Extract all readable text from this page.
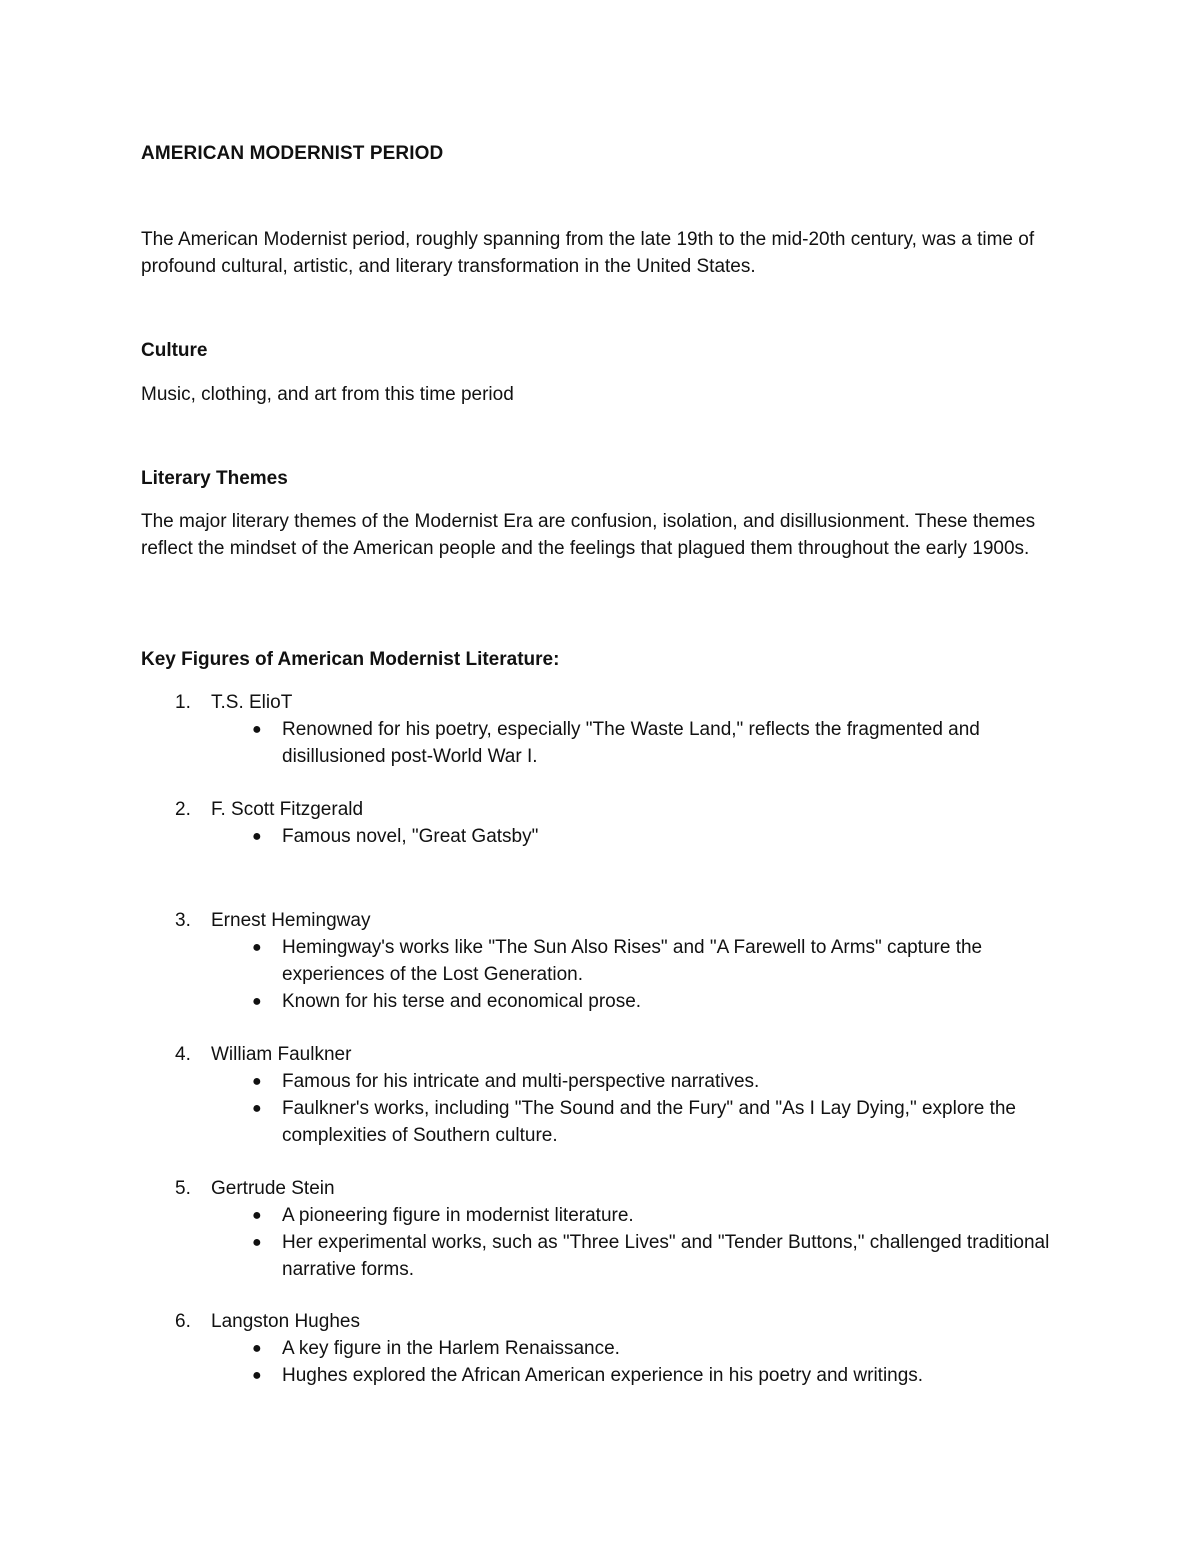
AMERICAN MODERNIST PERIOD

The American Modernist period, roughly spanning from the late 19th to the mid-20th century, was a time of profound cultural, artistic, and literary transformation in the United States.

Culture

Music, clothing, and art from this time period

Literary Themes

The major literary themes of the Modernist Era are confusion, isolation, and disillusionment. These themes reflect the mindset of the American people and the feelings that plagued them throughout the early 1900s.

Key Figures of American Modernist Literature:
1. T.S. ElioT
● Renowned for his poetry, especially "The Waste Land," reflects the fragmented and disillusioned post-World War I.
2. F. Scott Fitzgerald
● Famous novel, "Great Gatsby"
3. Ernest Hemingway
● Hemingway's works like "The Sun Also Rises" and "A Farewell to Arms" capture the experiences of the Lost Generation.
● Known for his terse and economical prose.
4. William Faulkner
● Famous for his intricate and multi-perspective narratives.
● Faulkner's works, including "The Sound and the Fury" and "As I Lay Dying," explore the complexities of Southern culture.
5. Gertrude Stein
● A pioneering figure in modernist literature.
● Her experimental works, such as "Three Lives" and "Tender Buttons," challenged traditional narrative forms.
6. Langston Hughes
● A key figure in the Harlem Renaissance.
● Hughes explored the African American experience in his poetry and writings.
